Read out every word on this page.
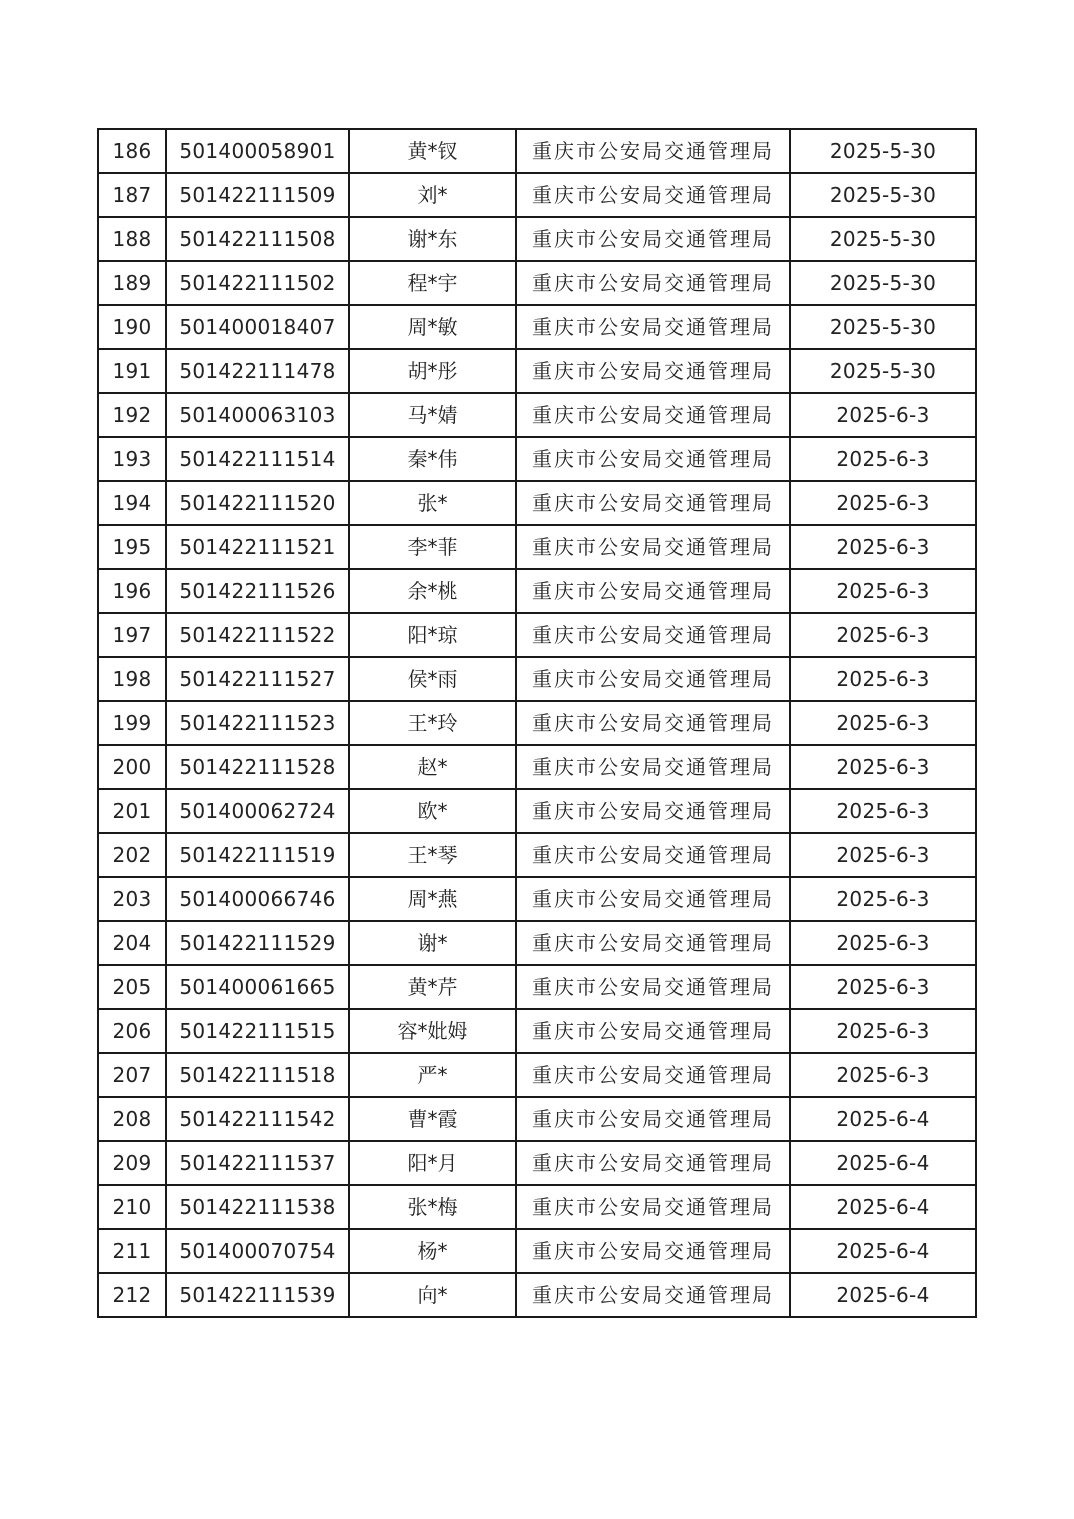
186	501400058901	黄*钗	重庆市公安局交通管理局	2025-5-30
187	501422111509	刘*	重庆市公安局交通管理局	2025-5-30
188	501422111508	谢*东	重庆市公安局交通管理局	2025-5-30
189	501422111502	程*宇	重庆市公安局交通管理局	2025-5-30
190	501400018407	周*敏	重庆市公安局交通管理局	2025-5-30
191	501422111478	胡*彤	重庆市公安局交通管理局	2025-5-30
192	501400063103	马*婧	重庆市公安局交通管理局	2025-6-3
193	501422111514	秦*伟	重庆市公安局交通管理局	2025-6-3
194	501422111520	张*	重庆市公安局交通管理局	2025-6-3
195	501422111521	李*菲	重庆市公安局交通管理局	2025-6-3
196	501422111526	余*桃	重庆市公安局交通管理局	2025-6-3
197	501422111522	阳*琼	重庆市公安局交通管理局	2025-6-3
198	501422111527	侯*雨	重庆市公安局交通管理局	2025-6-3
199	501422111523	王*玲	重庆市公安局交通管理局	2025-6-3
200	501422111528	赵*	重庆市公安局交通管理局	2025-6-3
201	501400062724	欧*	重庆市公安局交通管理局	2025-6-3
202	501422111519	王*琴	重庆市公安局交通管理局	2025-6-3
203	501400066746	周*燕	重庆市公安局交通管理局	2025-6-3
204	501422111529	谢*	重庆市公安局交通管理局	2025-6-3
205	501400061665	黄*芹	重庆市公安局交通管理局	2025-6-3
206	501422111515	容*妣姆	重庆市公安局交通管理局	2025-6-3
207	501422111518	严*	重庆市公安局交通管理局	2025-6-3
208	501422111542	曹*霞	重庆市公安局交通管理局	2025-6-4
209	501422111537	阳*月	重庆市公安局交通管理局	2025-6-4
210	501422111538	张*梅	重庆市公安局交通管理局	2025-6-4
211	501400070754	杨*	重庆市公安局交通管理局	2025-6-4
212	501422111539	向*	重庆市公安局交通管理局	2025-6-4
